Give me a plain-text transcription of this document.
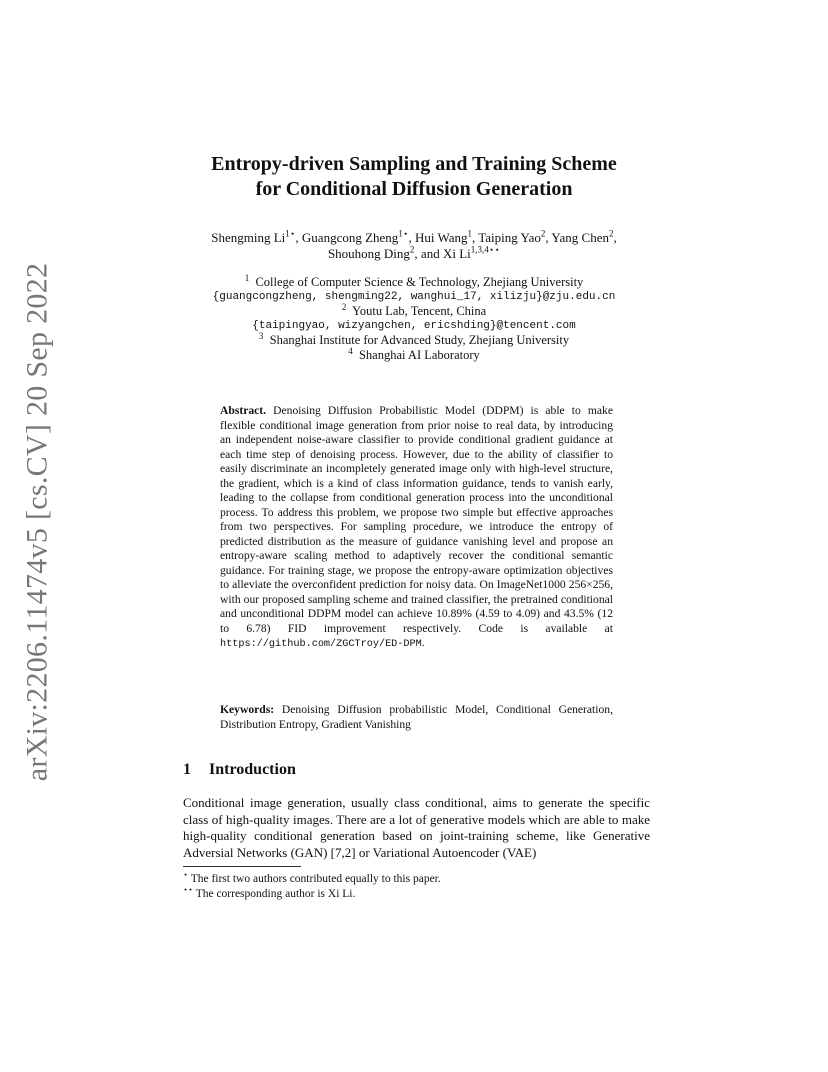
arXiv:2206.11474v5 [cs.CV] 20 Sep 2022
Entropy-driven Sampling and Training Scheme
for Conditional Diffusion Generation
Shengming $Li^{1⋆}$, Guangcong Zheng$^{1⋆}$, Hui Wang$^1$, Taiping Yao$^2$, Yang Chen$^2$,
Shouhong Ding$^2$, and Xi $Li^{1,3,4⋆⋆}$
$^1$ College of Computer Science & Technology, Zhejiang University
{guangcongzheng, shengming22, wanghui_17, xilizju}@zju.edu.cn
$^2$ Youtu Lab, Tencent, China
{taipingyao, wizyangchen, ericshding}@tencent.com
$^3$ Shanghai Institute for Advanced Study, Zhejiang University
$^4$ Shanghai AI Laboratory
Abstract. Denoising Diffusion Probabilistic Model (DDPM) is able to make flexible conditional image generation from prior noise to real data, by introducing an independent noise-aware classifier to provide conditional gradient guidance at each time step of denoising process. However, due to the ability of classifier to easily discriminate an incompletely generated image only with high-level structure, the gradient, which is a kind of class information guidance, tends to vanish early, leading to the collapse from conditional generation process into the unconditional process. To address this problem, we propose two simple but effective approaches from two perspectives. For sampling procedure, we introduce the entropy of predicted distribution as the measure of guidance vanishing level and propose an entropy-aware scaling method to adaptively recover the conditional semantic guidance. For training stage, we propose the entropy-aware optimization objectives to alleviate the overconfident prediction for noisy data. On ImageNet1000 256×256, with our proposed sampling scheme and trained classifier, the pretrained conditional and unconditional DDPM model can achieve 10.89% (4.59 to 4.09) and 43.5% (12 to 6.78) FID improvement respectively. Code is available at https://github.com/ZGCTroy/ED-DPM.
Keywords: Denoising Diffusion probabilistic Model, Conditional Generation, Distribution Entropy, Gradient Vanishing
1 Introduction
Conditional image generation, usually class conditional, aims to generate the specific class of high-quality images. There are a lot of generative models which are able to make high-quality conditional generation based on joint-training scheme, like Generative Adversial Networks (GAN) [7,2] or Variational Autoencoder (VAE)
⋆ The first two authors contributed equally to this paper.
⋆⋆ The corresponding author is Xi Li.
